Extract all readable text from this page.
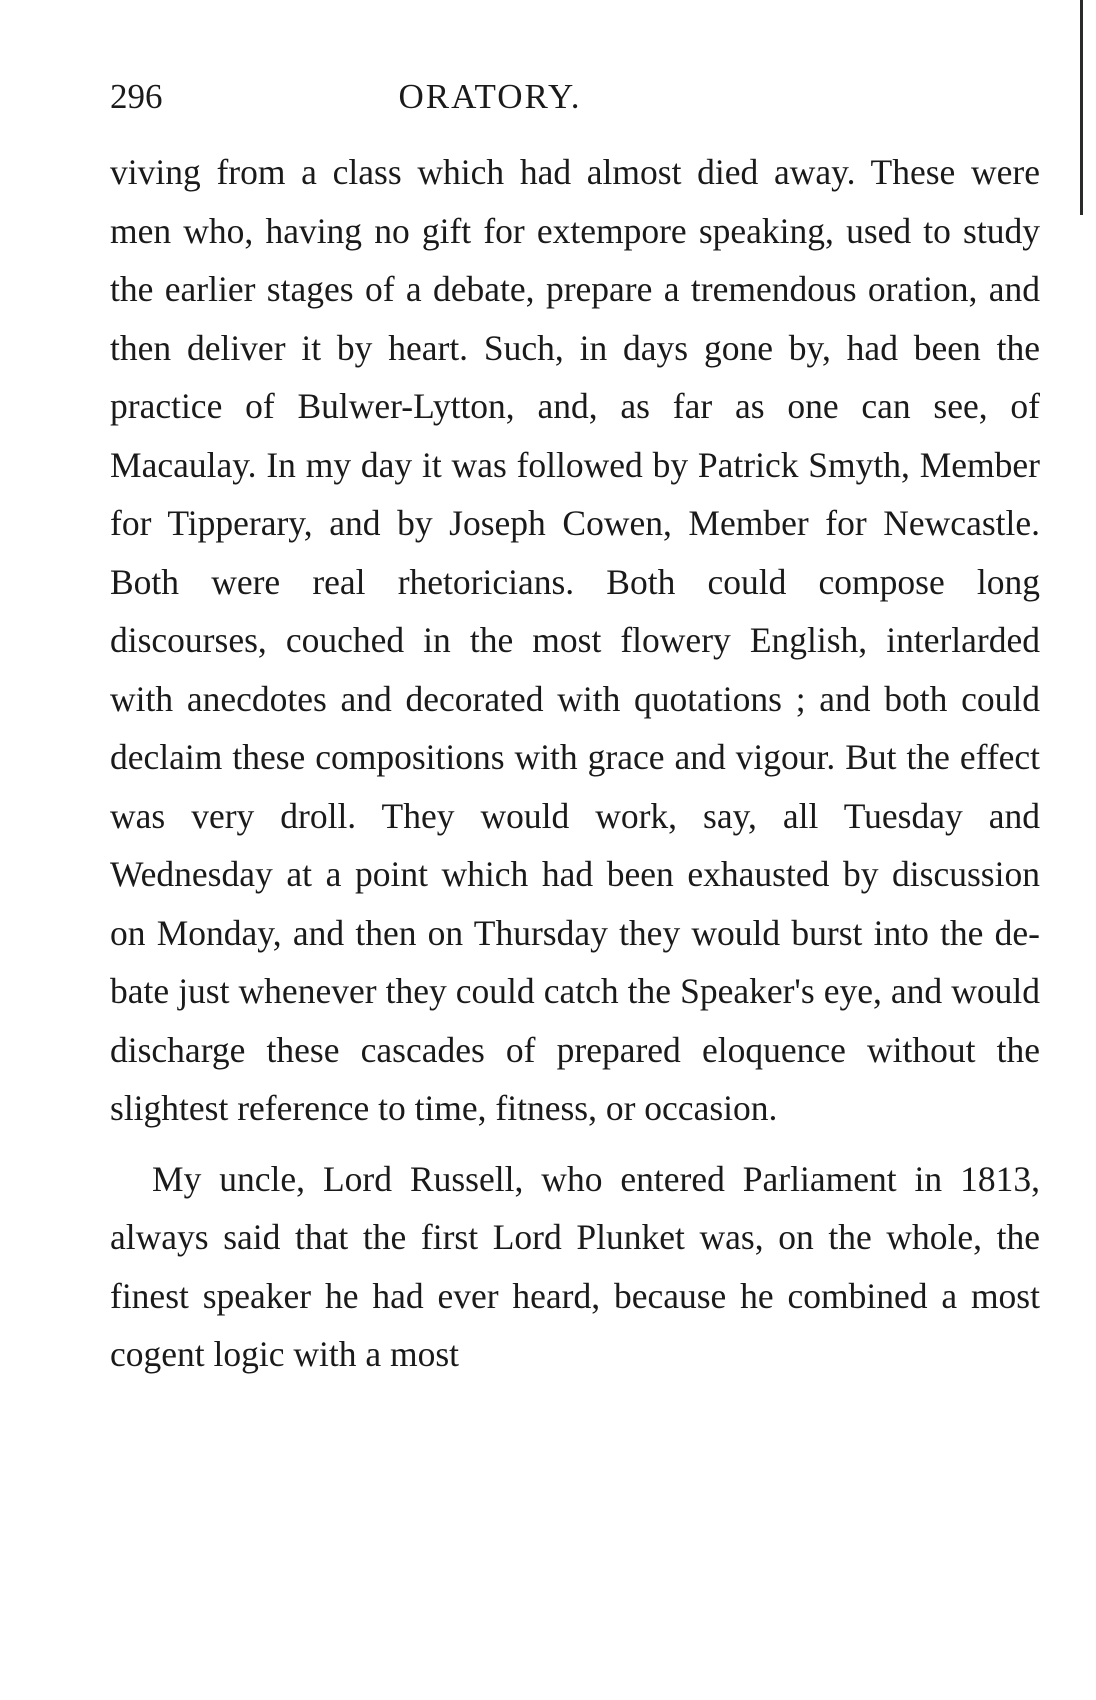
296	ORATORY.

viving from a class which had almost died away. These were men who, having no gift for extempore speaking, used to study the earlier stages of a debate, prepare a tremendous oration, and then deliver it by heart. Such, in days gone by, had been the practice of Bulwer-Lytton, and, as far as one can see, of Macaulay. In my day it was followed by Patrick Smyth, Member for Tipperary, and by Joseph Cowen, Member for Newcastle. Both were real rhetoricians. Both could compose long discourses, couched in the most flowery English, interlarded with anecdotes and decorated with quotations ; and both could declaim these compositions with grace and vigour. But the effect was very droll. They would work, say, all Tuesday and Wednesday at a point which had been exhausted by discussion on Monday, and then on Thursday they would burst into the de-bate just whenever they could catch the Speaker's eye, and would discharge these cascades of prepared eloquence without the slightest reference to time, fitness, or occasion.

My uncle, Lord Russell, who entered Parliament in 1813, always said that the first Lord Plunket was, on the whole, the finest speaker he had ever heard, because he combined a most cogent logic with a most
